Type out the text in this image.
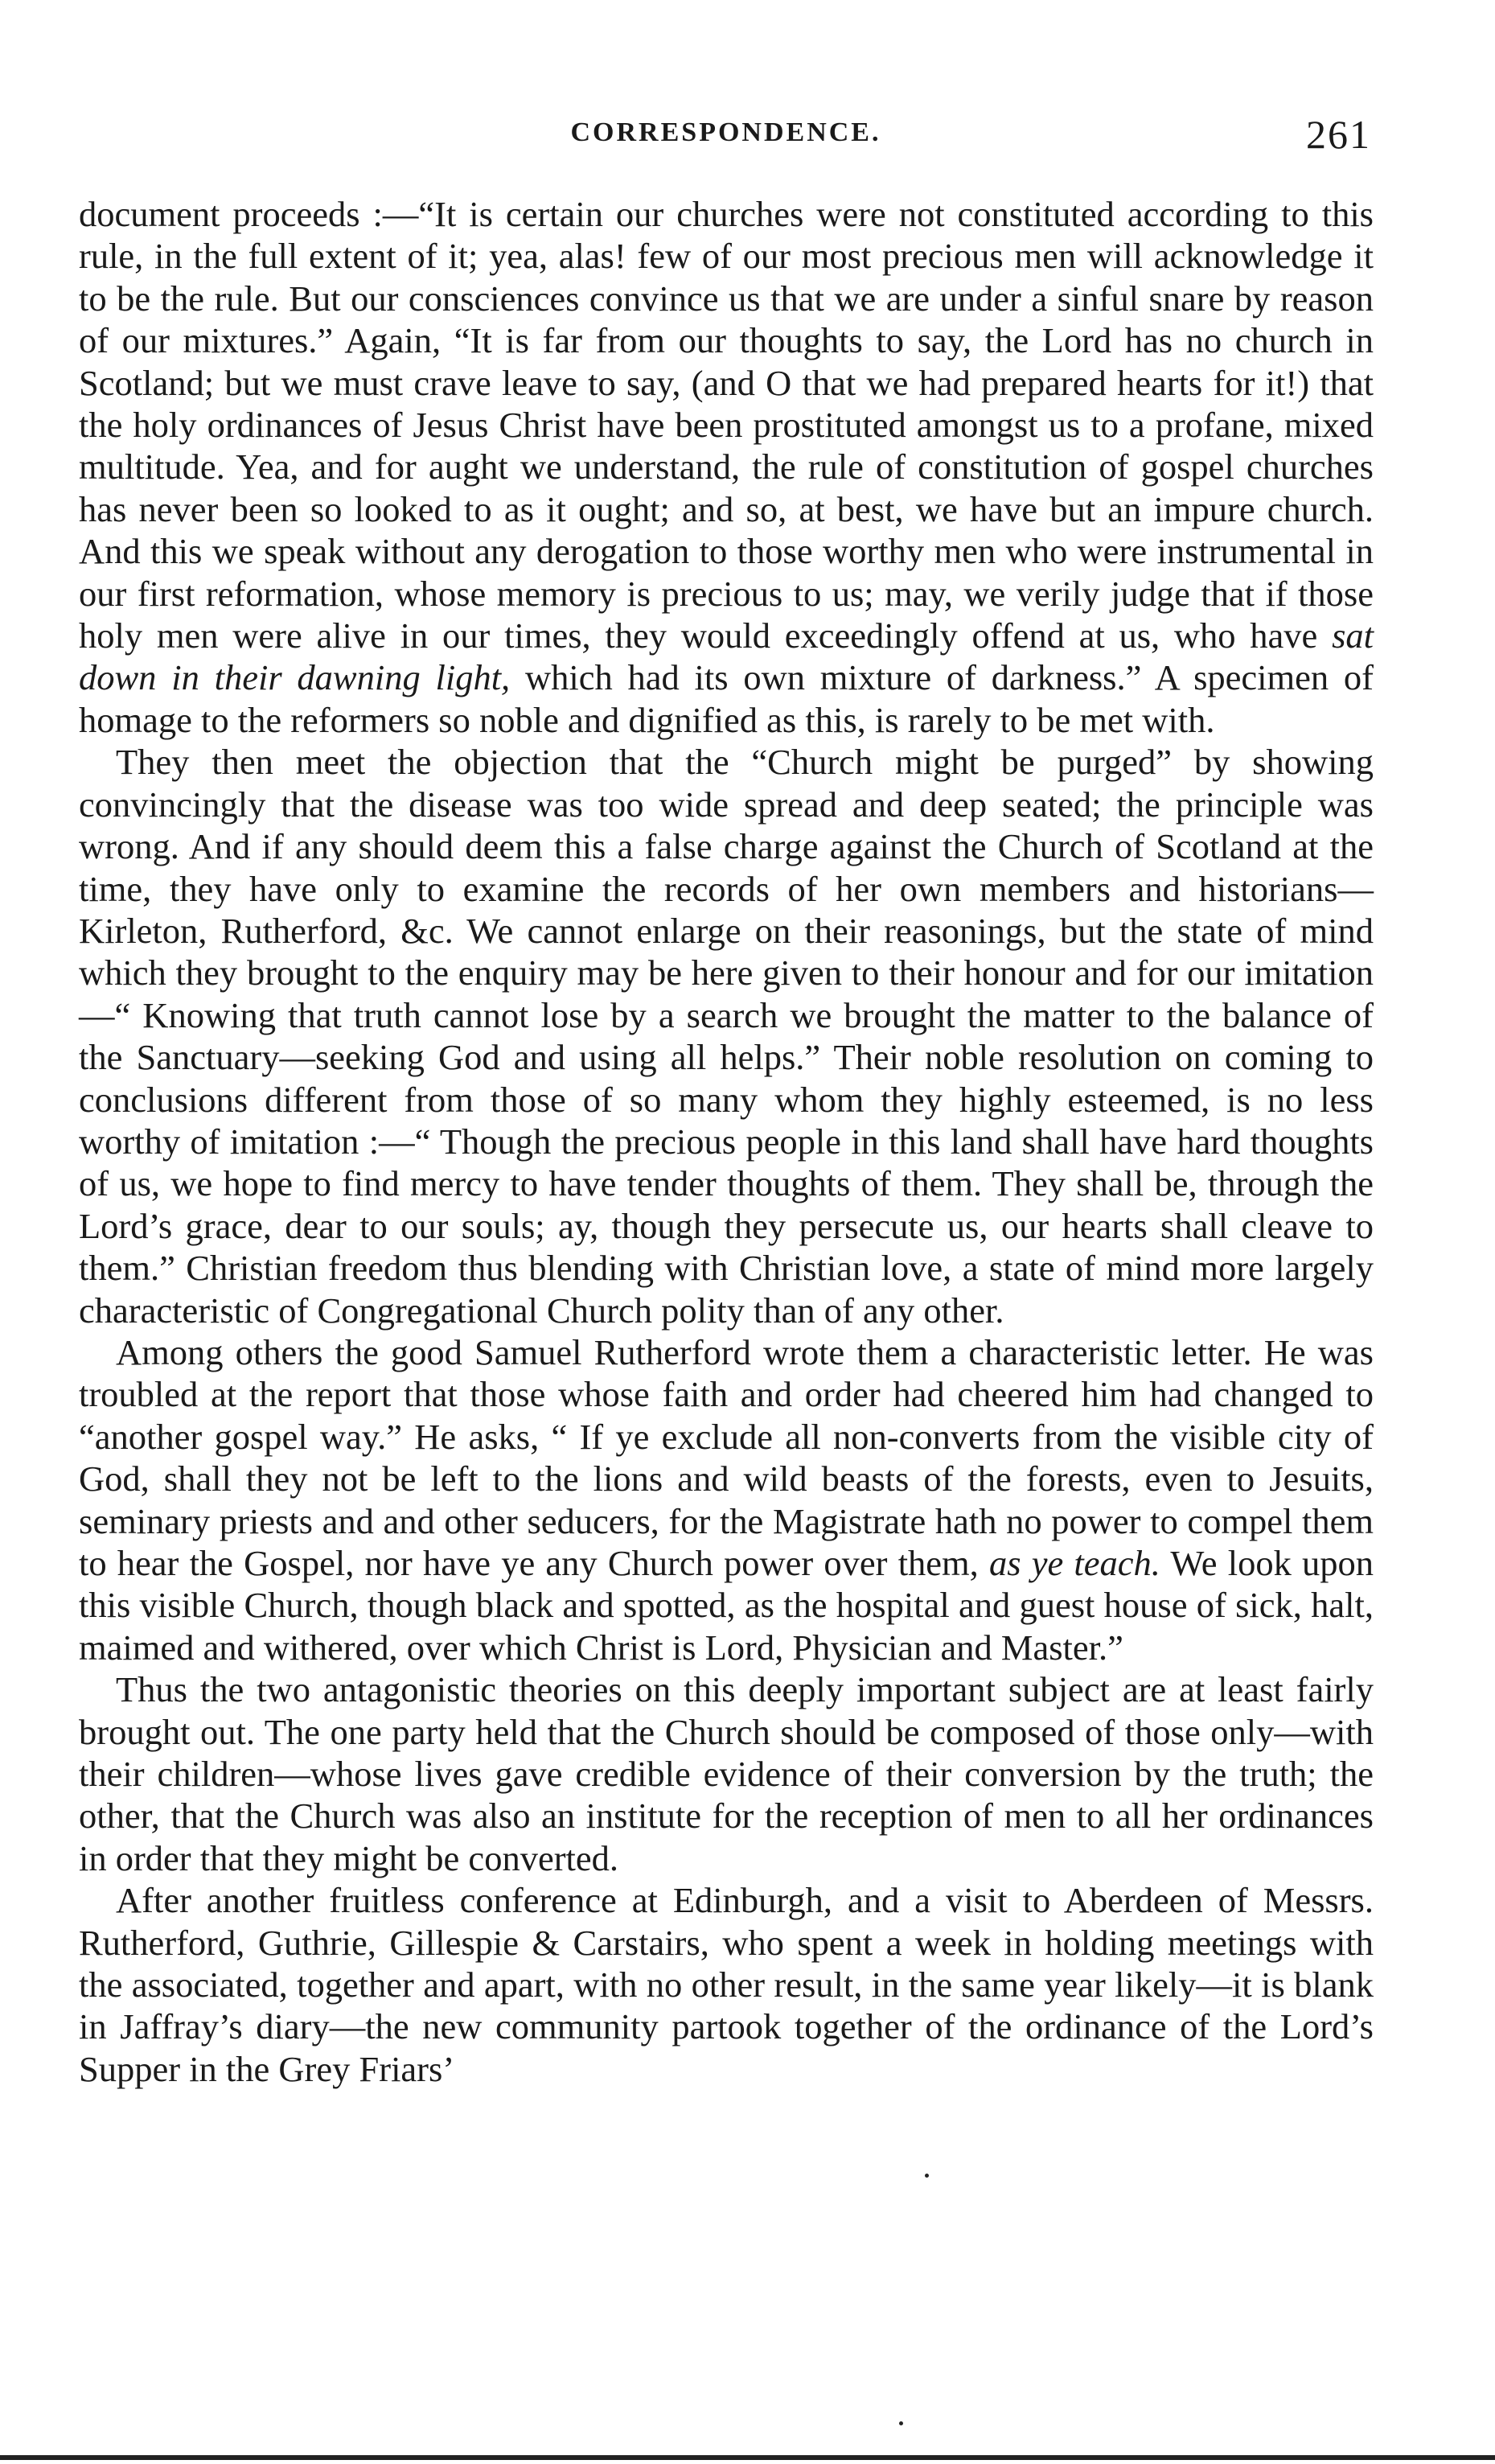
CORRESPONDENCE.	261

document proceeds :—“It is certain our churches were not constituted according to this rule, in the full extent of it; yea, alas! few of our most precious men will acknowledge it to be the rule. But our consciences convince us that we are under a sinful snare by reason of our mixtures.” Again, “It is far from our thoughts to say, the Lord has no church in Scotland; but we must crave leave to say, (and O that we had prepared hearts for it!) that the holy ordinances of Jesus Christ have been prostituted amongst us to a profane, mixed multitude. Yea, and for aught we understand, the rule of constitution of gospel churches has never been so looked to as it ought; and so, at best, we have but an impure church. And this we speak without any derogation to those worthy men who were instrumental in our first reformation, whose memory is precious to us; may, we verily judge that if those holy men were alive in our times, they would exceedingly offend at us, who have sat down in their dawning light, which had its own mixture of darkness.” A specimen of homage to the reformers so noble and dignified as this, is rarely to be met with.

They then meet the objection that the “Church might be purged” by showing convincingly that the disease was too wide spread and deep seated; the principle was wrong. And if any should deem this a false charge against the Church of Scotland at the time, they have only to examine the records of her own members and historians—Kirleton, Rutherford, &c. We cannot enlarge on their reasonings, but the state of mind which they brought to the enquiry may be here given to their honour and for our imitation—“ Knowing that truth cannot lose by a search we brought the matter to the balance of the Sanctuary—seeking God and using all helps.” Their noble resolution on coming to conclusions different from those of so many whom they highly esteemed, is no less worthy of imitation :—“ Though the precious people in this land shall have hard thoughts of us, we hope to find mercy to have tender thoughts of them. They shall be, through the Lord’s grace, dear to our souls; ay, though they persecute us, our hearts shall cleave to them.” Christian freedom thus blending with Christian love, a state of mind more largely characteristic of Congregational Church polity than of any other.

Among others the good Samuel Rutherford wrote them a characteristic letter. He was troubled at the report that those whose faith and order had cheered him had changed to “another gospel way.” He asks, “ If ye exclude all non-converts from the visible city of God, shall they not be left to the lions and wild beasts of the forests, even to Jesuits, seminary priests and and other seducers, for the Magistrate hath no power to compel them to hear the Gospel, nor have ye any Church power over them, as ye teach. We look upon this visible Church, though black and spotted, as the hospital and guest house of sick, halt, maimed and withered, over which Christ is Lord, Physician and Master.”

Thus the two antagonistic theories on this deeply important subject are at least fairly brought out. The one party held that the Church should be composed of those only—with their children—whose lives gave credible evidence of their conversion by the truth; the other, that the Church was also an institute for the reception of men to all her ordinances in order that they might be converted.

After another fruitless conference at Edinburgh, and a visit to Aberdeen of Messrs. Rutherford, Guthrie, Gillespie & Carstairs, who spent a week in holding meetings with the associated, together and apart, with no other result, in the same year likely—it is blank in Jaffray’s diary—the new community partook together of the ordinance of the Lord’s Supper in the Grey Friars’
